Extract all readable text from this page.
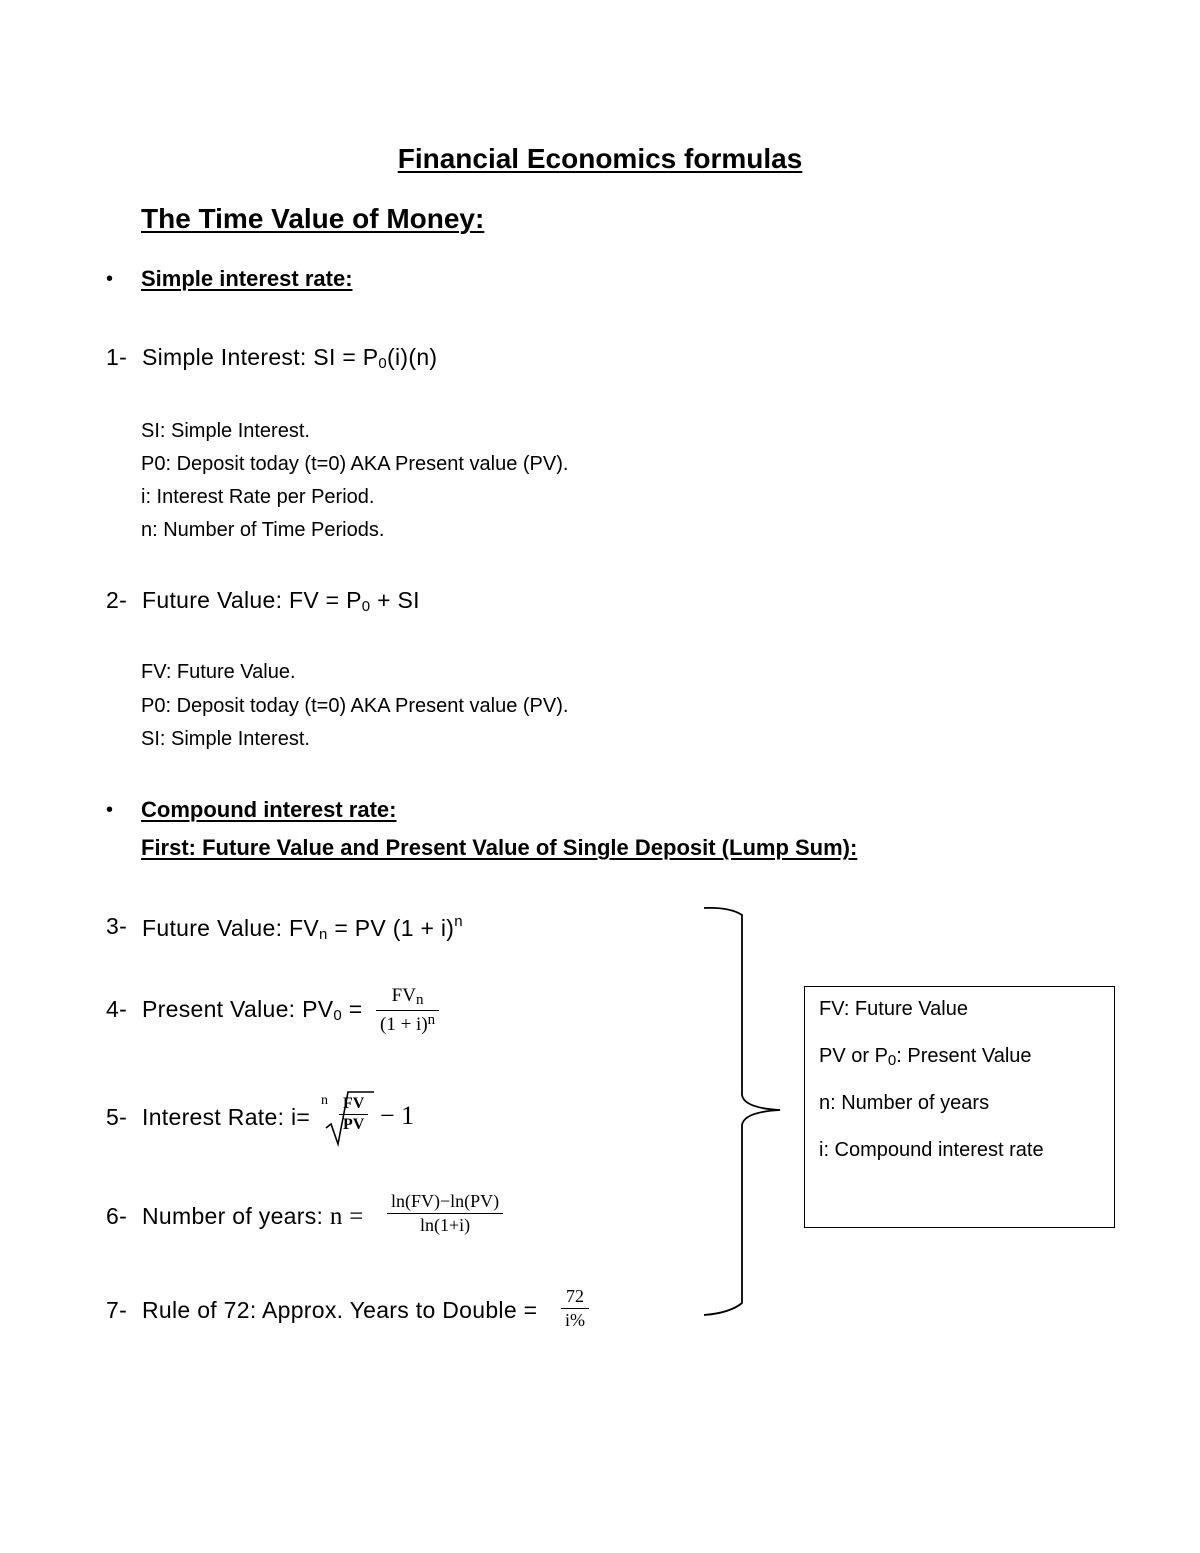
Financial Economics formulas
The Time Value of Money:
• Simple interest rate:
1- Simple Interest: SI = P0(i)(n)
SI: Simple Interest.
P0: Deposit today (t=0) AKA Present value (PV).
i: Interest Rate per Period.
n: Number of Time Periods.
2- Future Value: FV = P0 + SI
FV: Future Value.
P0: Deposit today (t=0) AKA Present value (PV).
SI: Simple Interest.
• Compound interest rate:
First: Future Value and Present Value of Single Deposit (Lump Sum):
3- Future Value: FVn = PV $(1 + i)^n$
4- Present Value: PV0 =
FVn
$(1 + i)^n$
5- Interest Rate: i=
n $\frac{FV}{PV} - 1$
6- Number of years: $n = \frac{\ln(FV)-\ln(PV)}{\ln(1+i)}$
7- Rule of 72: Approx. Years to Double = $\frac{72}{i\%}$
FV: Future Value
PV or P0: Present Value
n: Number of years
i: Compound interest rate
